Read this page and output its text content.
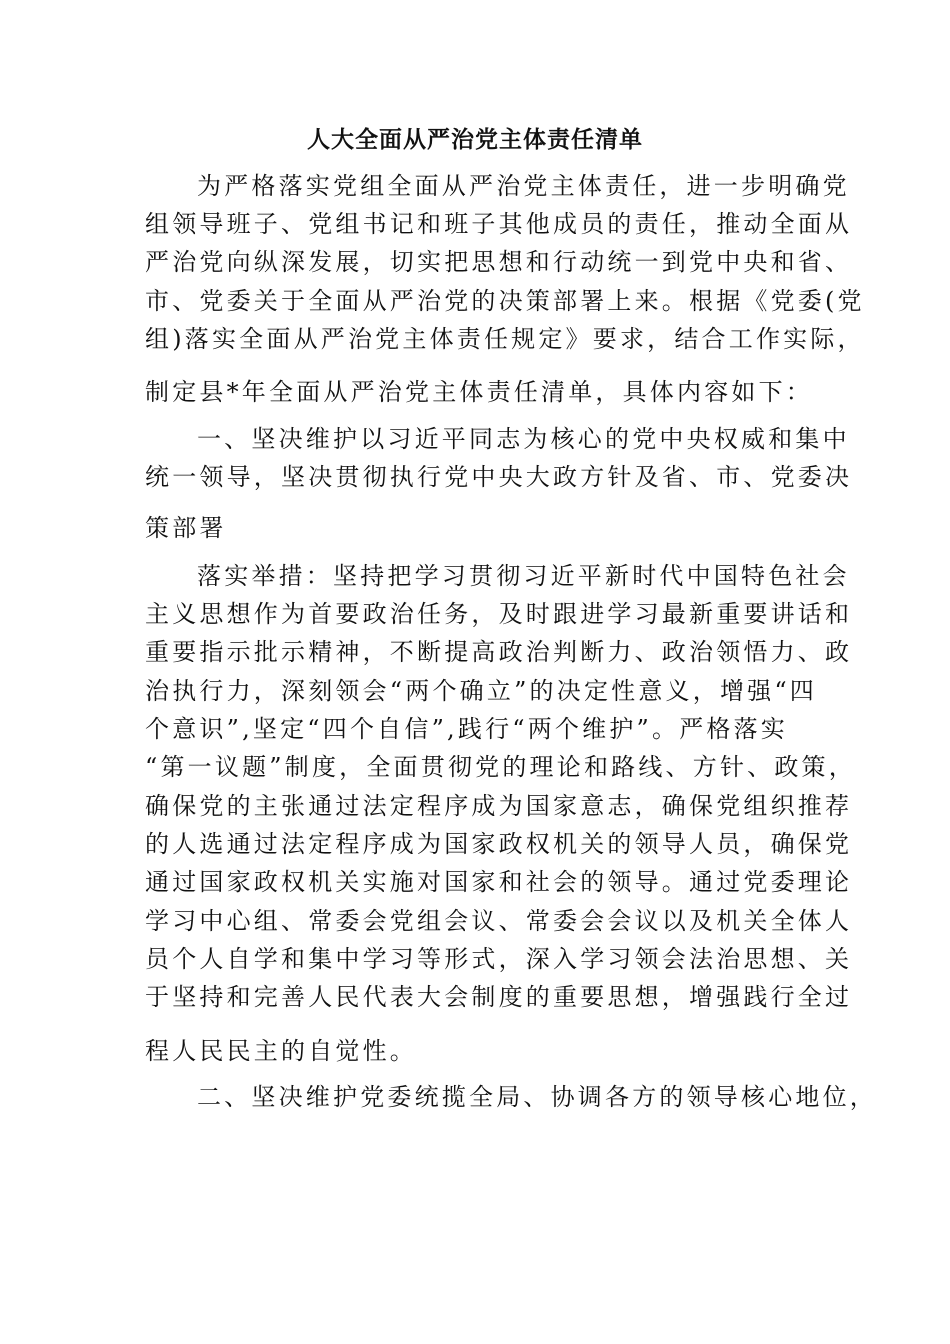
人大全面从严治党主体责任清单
为严格落实党组全面从严治党主体责任，进一步明确党
组领导班子、党组书记和班子其他成员的责任，推动全面从
严治党向纵深发展，切实把思想和行动统一到党中央和省、
市、党委关于全面从严治党的决策部署上来。根据《党委(党
组)落实全面从严治党主体责任规定》要求，结合工作实际，
制定县*年全面从严治党主体责任清单，具体内容如下：
一、坚决维护以习近平同志为核心的党中央权威和集中
统一领导，坚决贯彻执行党中央大政方针及省、市、党委决
策部署
落实举措：坚持把学习贯彻习近平新时代中国特色社会
主义思想作为首要政治任务，及时跟进学习最新重要讲话和
重要指示批示精神，不断提高政治判断力、政治领悟力、政
治执行力，深刻领会“两个确立”的决定性意义，增强“四
个意识”,坚定“四个自信”,践行“两个维护”。严格落实
“第一议题”制度，全面贯彻党的理论和路线、方针、政策，
确保党的主张通过法定程序成为国家意志，确保党组织推荐
的人选通过法定程序成为国家政权机关的领导人员，确保党
通过国家政权机关实施对国家和社会的领导。通过党委理论
学习中心组、常委会党组会议、常委会会议以及机关全体人
员个人自学和集中学习等形式，深入学习领会法治思想、关
于坚持和完善人民代表大会制度的重要思想，增强践行全过
程人民民主的自觉性。
二、坚决维护党委统揽全局、协调各方的领导核心地位，
